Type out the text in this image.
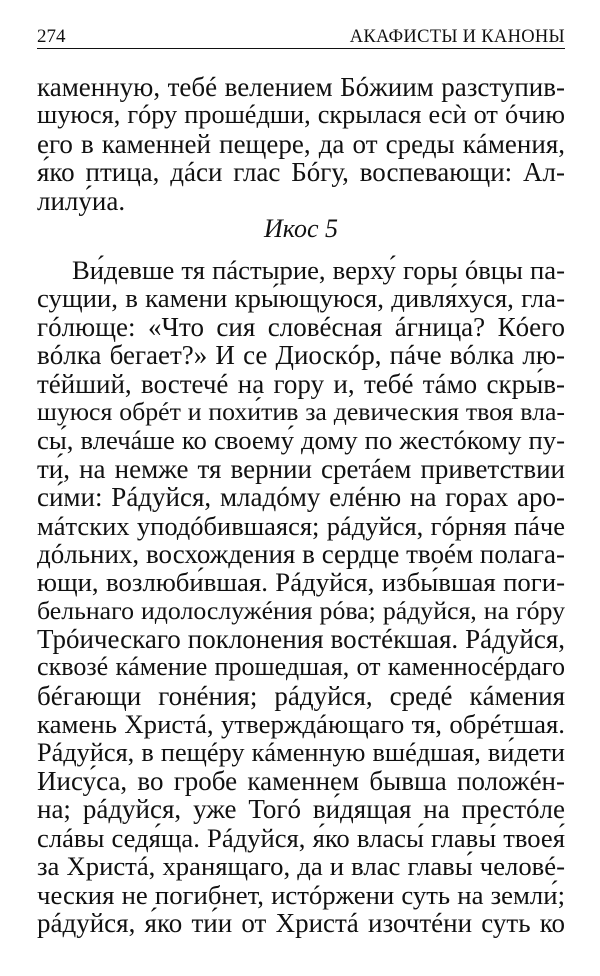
274	АКАФИСТЫ И КАНОНЫ
каменную, тебé велением Бóжиим разступив-
шуюся, гóру прошéдши, скрылася есѝ от óчию
его в каменней пещере, да от среды кáмения,
я́ко птица, дáси глас Бóгу, воспевающи: Ал-
лилу́иа.
Икос 5
Ви́девше тя пáстырие, верху́ горы óвцы па-
сущии, в камени кры́ющуюся, дивля́хуся, гла-
гóлюще: «Что сия словéсная áгница? Кóего
вóлка бегает?» И се Диоскóр, пáче вóлка лю-
тéйший, востечé на гору и, тебé тáмо скры́в-
шуюся обрéт и похи́тив за девическия твоя вла-
сы́, влечáше ко своему́ дому по жестóкому пу-
ти́, на немже тя вернии сретáем приветствии
си́ми: Рáдуйся, младóму елéню на горах аро-
мáтских уподóбившаяся; рáдуйся, гóрняя пáче
дóльних, восхождения в сердце твоéм полага-
ющи, возлюби́вшая. Рáдуйся, избы́вшая поги-
бельнаго идолослужéния рóва; рáдуйся, на гóру
Трóическаго поклонения востéкшая. Рáдуйся,
сквозé кáмение прошедшая, от каменносéрдаго
бéгающи гонéния; рáдуйся, средé кáмения
камень Христá, утверждáющаго тя, обрéтшая.
Рáдуйся, в пещéру кáменную вшéдшая, ви́дети
Иису́са, во гробе каменнем бывша положéн-
на; рáдуйся, уже Тогó ви́дящая на престóле
слáвы седя́ща. Рáдуйся, я́ко власы́ главы́ твоея́
за Христá, хранящаго, да и влас главы́ человé-
ческия не погибнет, истóржени суть на земли́;
рáдуйся, я́ко ти́и от Христá изочтéни суть ко
